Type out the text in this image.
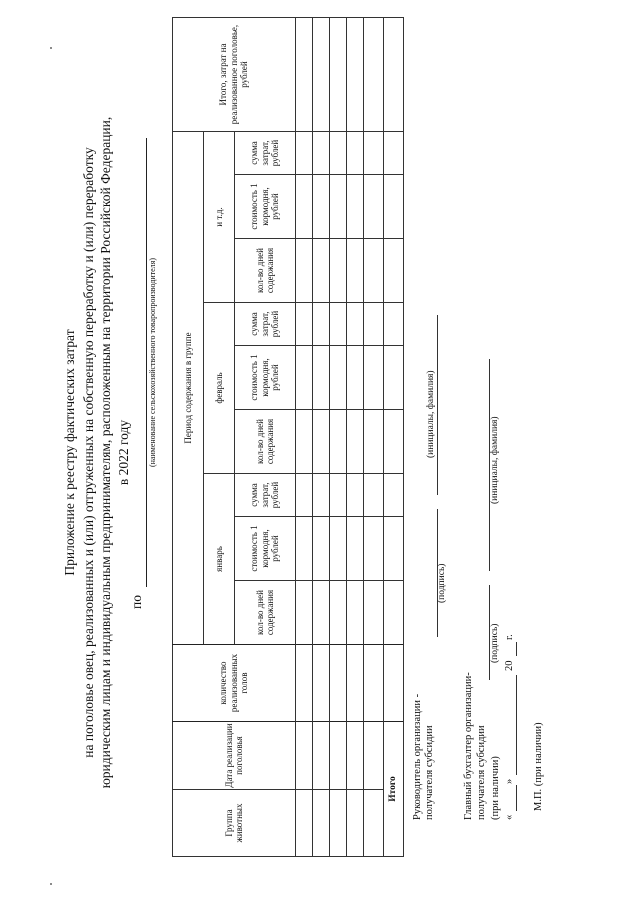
Приложение к реестру фактических затрат на поголовье овец, реализованных и (или) отгруженных на собственную переработку и (или) переработку юридическим лицам и индивидуальным предпринимателям, расположенным на территории Российской Федерации, в 2022 году
по
(наименование сельскохозяйственного товаропроизводителя)
Группа животных	Дата реализации поголовья	количество реализованных голов	Период содержания в группе									Итого, затрат на реализованное поголовье, рублей
			январь			февраль			и т.д.			
			кол-во дней содержания	стоимость 1 кормодня, рублей	сумма затрат, рублей	кол-во дней содержания	стоимость 1 кормодня, рублей	сумма затрат, рублей	кол-во дней содержания	стоимость 1 кормодня, рублей	сумма затрат, рублей	

Итого												Руководитель организации - получателя субсидии
(подпись)
(инициалы, фамилия)
Главный бухгалтер организации- получателя субсидии (при наличии)
(подпись)
(инициалы, фамилия)
«
»
20
г.
М.П. (при наличии)
